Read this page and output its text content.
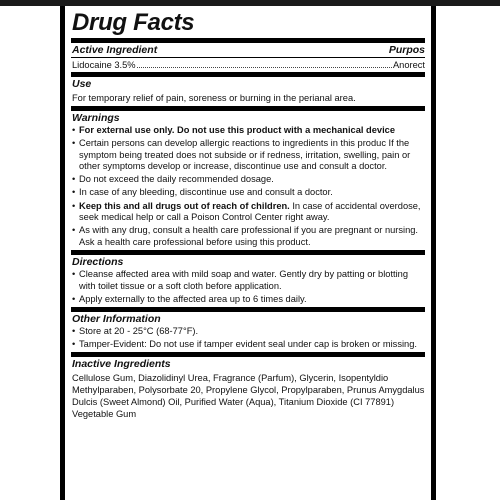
Drug Facts
Active Ingredient	Purpos
Lidocaine 3.5%	Anorect
Use
For temporary relief of pain, soreness or burning in the perianal area.
Warnings
• For external use only. Do not use this product with a mechanical device
• Certain persons can develop allergic reactions to ingredients in this produc If the symptom being treated does not subside or if redness, irritation, swelling, pain or other symptoms develop or increase, discontinue use and consult a doctor.
• Do not exceed the daily recommended dosage.
• In case of any bleeding, discontinue use and consult a doctor.
• Keep this and all drugs out of reach of children. In case of accidental overdose, seek medical help or call a Poison Control Center right away.
• As with any drug, consult a health care professional if you are pregnant or nursing. Ask a health care professional before using this product.
Directions
• Cleanse affected area with mild soap and water. Gently dry by patting or blotting with toilet tissue or a soft cloth before application.
• Apply externally to the affected area up to 6 times daily.
Other Information
• Store at 20 - 25°C (68-77°F).
• Tamper-Evident: Do not use if tamper evident seal under cap is broken or missing.
Inactive Ingredients
Cellulose Gum, Diazolidinyl Urea, Fragrance (Parfum), Glycerin, Isopentyldio Methylparaben, Polysorbate 20, Propylene Glycol, Propylparaben, Prunus Amygdalus Dulcis (Sweet Almond) Oil, Purified Water (Aqua), Titanium Dioxide (CI 77891) Vegetable Gum
